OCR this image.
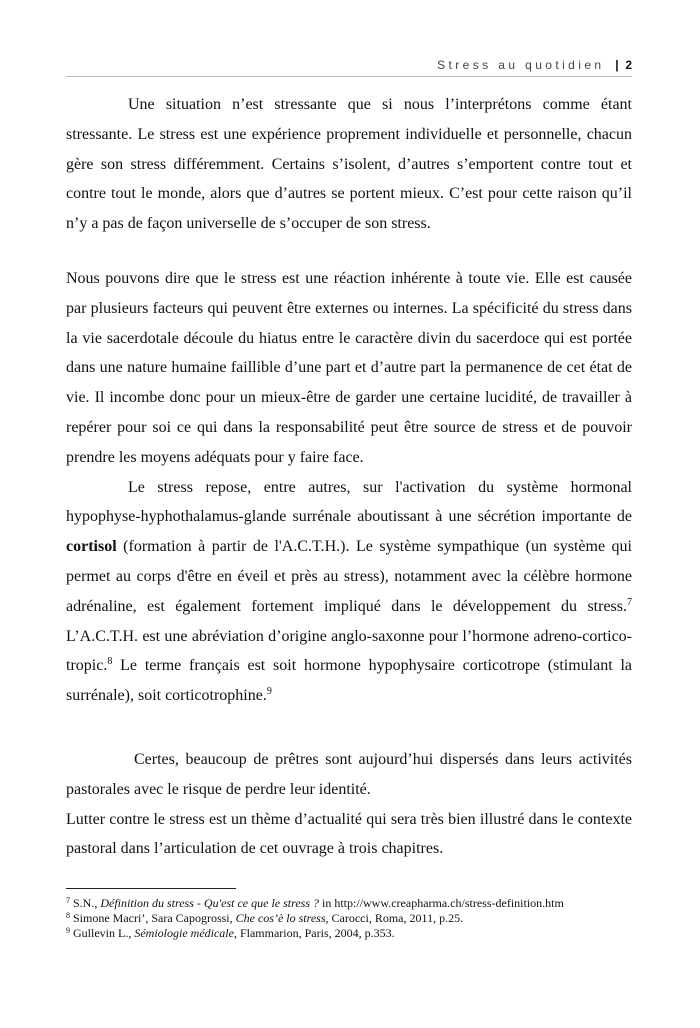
Stress au quotidien | 2

Une situation n’est stressante que si nous l’interprétons comme étant stressante. Le stress est une expérience proprement individuelle et personnelle, chacun gère son stress différemment. Certains s’isolent, d’autres s’emportent contre tout et contre tout le monde, alors que d’autres se portent mieux. C’est pour cette raison qu’il n’y a pas de façon universelle de s’occuper de son stress.

Nous pouvons dire que le stress est une réaction inhérente à toute vie. Elle est causée par plusieurs facteurs qui peuvent être externes ou internes. La spécificité du stress dans la vie sacerdotale découle du hiatus entre le caractère divin du sacerdoce qui est portée dans une nature humaine faillible d’une part et d’autre part la permanence de cet état de vie. Il incombe donc pour un mieux-être de garder une certaine lucidité, de travailler à repérer pour soi ce qui dans la responsabilité peut être source de stress et de pouvoir prendre les moyens adéquats pour y faire face.

Le stress repose, entre autres, sur l'activation du système hormonal hypophyse-hyphothalamus-glande surrénale aboutissant à une sécrétion importante de cortisol (formation à partir de l'A.C.T.H.). Le système sympathique (un système qui permet au corps d'être en éveil et près au stress), notamment avec la célèbre hormone adrénaline, est également fortement impliqué dans le développement du stress.$^7$ L’A.C.T.H. est une abréviation d’origine anglo-saxonne pour l’hormone adreno-cortico-tropic.$^8$ Le terme français est soit hormone hypophysaire corticotrope (stimulant la surrénale), soit corticotrophine.$^9$

Certes, beaucoup de prêtres sont aujourd’hui dispersés dans leurs activités pastorales avec le risque de perdre leur identité.

Lutter contre le stress est un thème d’actualité qui sera très bien illustré dans le contexte pastoral dans l’articulation de cet ouvrage à trois chapitres.

$^7$ S.N., Définition du stress - Qu'est ce que le stress ? in http://www.creapharma.ch/stress-definition.htm

$^8$ Simone Macri’, Sara Capogrossi, Che cos’è lo stress, Carocci, Roma, 2011, p.25.

$^9$ Gullevin L., Sémiologie médicale, Flammarion, Paris, 2004, p.353.
